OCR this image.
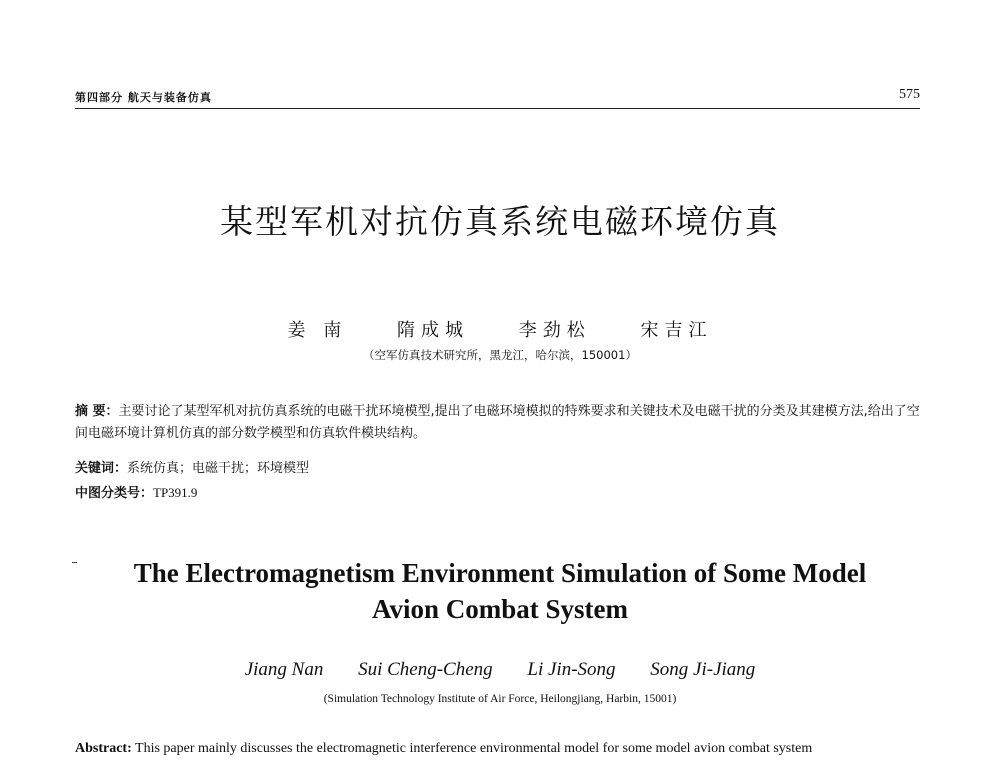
第四部分 航天与装备仿真	575
某型军机对抗仿真系统电磁环境仿真
姜 南	隋成城	李劲松	宋吉江
（空军仿真技术研究所，黑龙江，哈尔滨，150001）
摘 要：主要讨论了某型军机对抗仿真系统的电磁干扰环境模型,提出了电磁环境模拟的特殊要求和关键技术及电磁干扰的分类及其建模方法,给出了空间电磁环境计算机仿真的部分数学模型和仿真软件模块结构。
关键词：系统仿真；电磁干扰；环境模型
中图分类号：TP391.9
The Electromagnetism Environment Simulation of Some Model
Avion Combat System
Jiang Nan Sui Cheng-Cheng Li Jin-Song Song Ji-Jiang
(Simulation Technology Institute of Air Force, Heilongjiang, Harbin, 15001)
Abstract: This paper mainly discusses the electromagnetic interference environmental model for some model avion combat system
